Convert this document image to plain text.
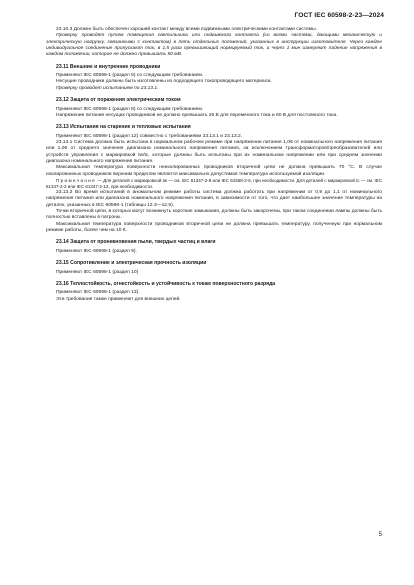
ГОСТ IEC 60598-2-23—2024

23.10.3 Должен быть обеспечен хороший контакт между всеми подвижными электрическими контактами системы.

Проверку проводят путем помещения светильника или подвижного контакта (со всеми частями, дающими механическую и электрическую нагрузку, связанными с контактом) в пять отдельных положений, указанных в инструкции изготовителя. Через каждое индивидуальное соединение пропускают ток, в 1,5 раза превышающий нормируемый ток, и через 1 мин измеряют падение напряжения в каждом положении, которое не должно превышать 50 мВ.

23.11 Внешние и внутренние проводники

Применяют IEC 60598-1 (раздел 5) со следующим требованием.

Несущие проводники должны быть изготовлены из подходящего токопроводящего материала.

Проверку проводят испытанием по 23.13.1.

23.12 Защита от поражения электрическим током

Применяют IEC 60598-1 (раздел 8) со следующим требованием.

Напряжение питания несущих проводников не должно превышать 25 В для переменного тока и 60 В для постоянного тока.

23.13 Испытания на старение и тепловые испытания

Применяют IEC 60598-1 (раздел 12) совместно с требованиями 23.13.1 и 23.13.2.

23.13.1 Система должна быть испытана в нормальном рабочем режиме при напряжении питания 1,06 от номинального напряжения питания или 1,06 от среднего значения диапазона номинального напряжения питания, за исключением трансформаторов/преобразователей или устройств управления с маркировкой tw/tc, которые должны быть испытаны при их номинальном напряжении или при среднем значении диапазона номинального напряжения питания.

Максимальная температура поверхности неизолированных проводников вторичной цепи не должна превышать 70 °C. В случае изолированных проводников верхним пределом является максимально допустимая температура используемой изоляции.

Примечание — Для деталей с маркировкой tw — см. IEC 61347-2-8 или IEC 61558-2-6, при необходимости. Для деталей с маркировкой tc — см. IEC 61347-2-2 или IEC 61347-2-13, при необходимости.

23.13.2 Во время испытаний в аномальном режиме работы система должна работать при напряжении от 0,9 до 1,1 от номинального напряжения питания или диапазона номинального напряжения питания, в зависимости от того, что дает наибольшее значение температуры на деталях, указанных в IEC 60598-1 (таблицы 12.3—12.5).

Точки вторичной цепи, в которых могут возникнуть короткие замыкания, должны быть закорочены, при таком соединении лампы должны быть полностью вставлены в патроны.

Максимальная температура поверхности проводников вторичной цепи не должна превышать температуру, полученную при нормальном режиме работы, более чем на 10 К.

23.14 Защита от проникновения пыли, твердых частиц и влаги

Применяют IEC 60598-1 (раздел 9).

23.15 Сопротивление и электрическая прочность изоляции

Применяют IEC 60598-1 (раздел 10)

23.16 Теплостойкость, огнестойкость и устойчивость к токам поверхностного разряда

Применяют IEC 60598-1 (раздел 13).

Эти требования также применяют для внешних цепей.

5
